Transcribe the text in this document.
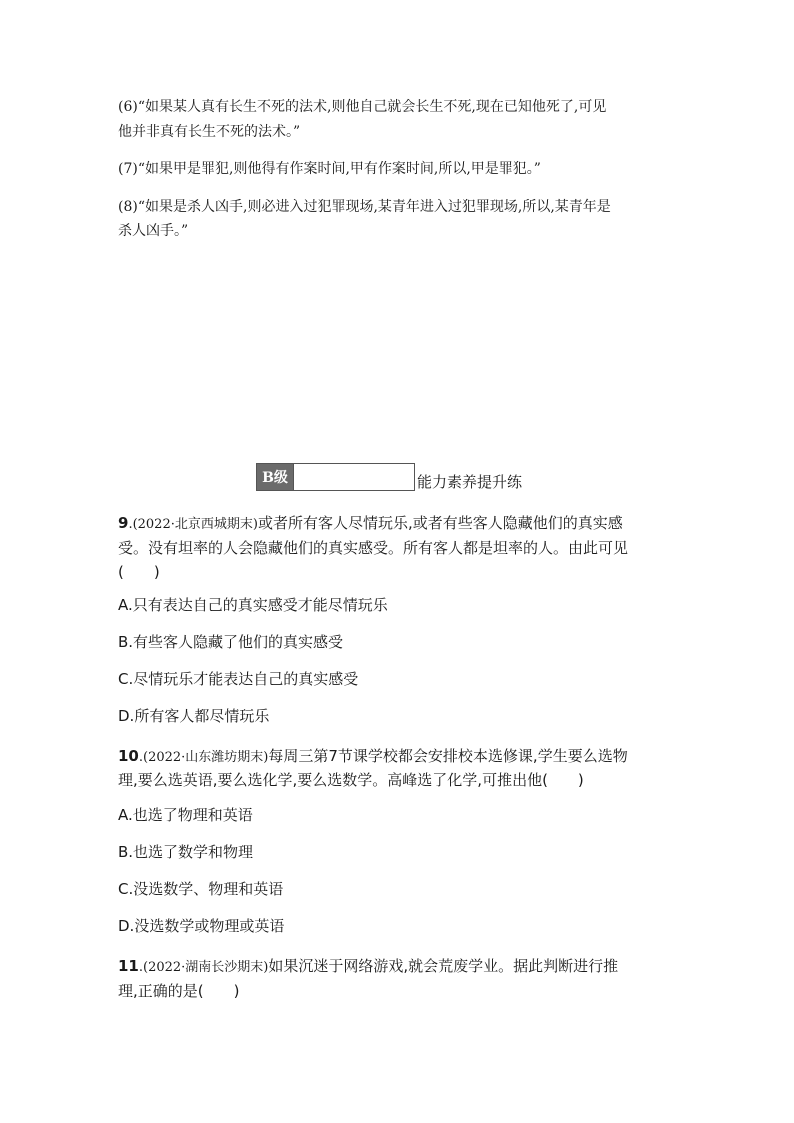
(6)“如果某人真有长生不死的法术,则他自己就会长生不死,现在已知他死了,可见
他并非真有长生不死的法术。”
(7)“如果甲是罪犯,则他得有作案时间,甲有作案时间,所以,甲是罪犯。”
(8)“如果是杀人凶手,则必进入过犯罪现场,某青年进入过犯罪现场,所以,某青年是
杀人凶手。”
B级	能力素养提升练
9.(2022·北京西城期末)或者所有客人尽情玩乐,或者有些客人隐藏他们的真实感
受。没有坦率的人会隐藏他们的真实感受。所有客人都是坦率的人。由此可见
(　　)
A.只有表达自己的真实感受才能尽情玩乐
B.有些客人隐藏了他们的真实感受
C.尽情玩乐才能表达自己的真实感受
D.所有客人都尽情玩乐
10.(2022·山东潍坊期末)每周三第7节课学校都会安排校本选修课,学生要么选物
理,要么选英语,要么选化学,要么选数学。高峰选了化学,可推出他(　　)
A.也选了物理和英语
B.也选了数学和物理
C.没选数学、物理和英语
D.没选数学或物理或英语
11.(2022·湖南长沙期末)如果沉迷于网络游戏,就会荒废学业。据此判断进行推
理,正确的是(　　)
